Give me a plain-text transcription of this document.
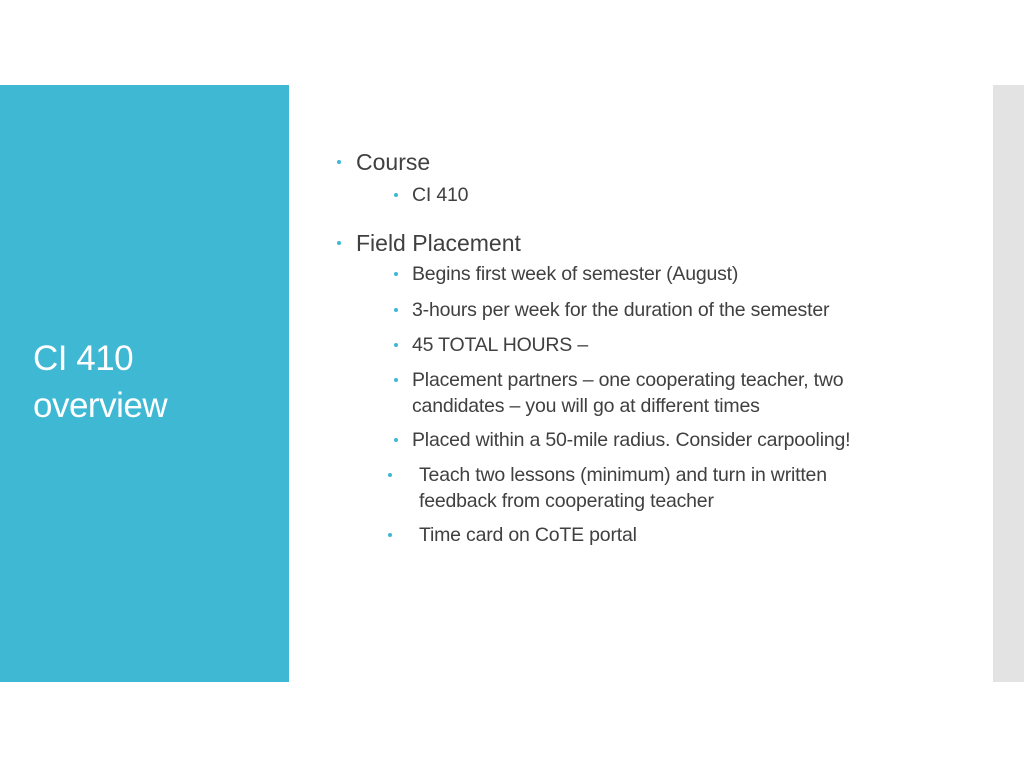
CI 410
overview
Course
CI 410
Field Placement
Begins first week of semester (August)
3-hours per week for the duration of the semester
45 TOTAL HOURS –
Placement partners – one cooperating teacher, two
candidates – you will go at different times
Placed within a 50-mile radius. Consider carpooling!
Teach two lessons (minimum) and turn in written
feedback from cooperating teacher
Time card on CoTE portal
